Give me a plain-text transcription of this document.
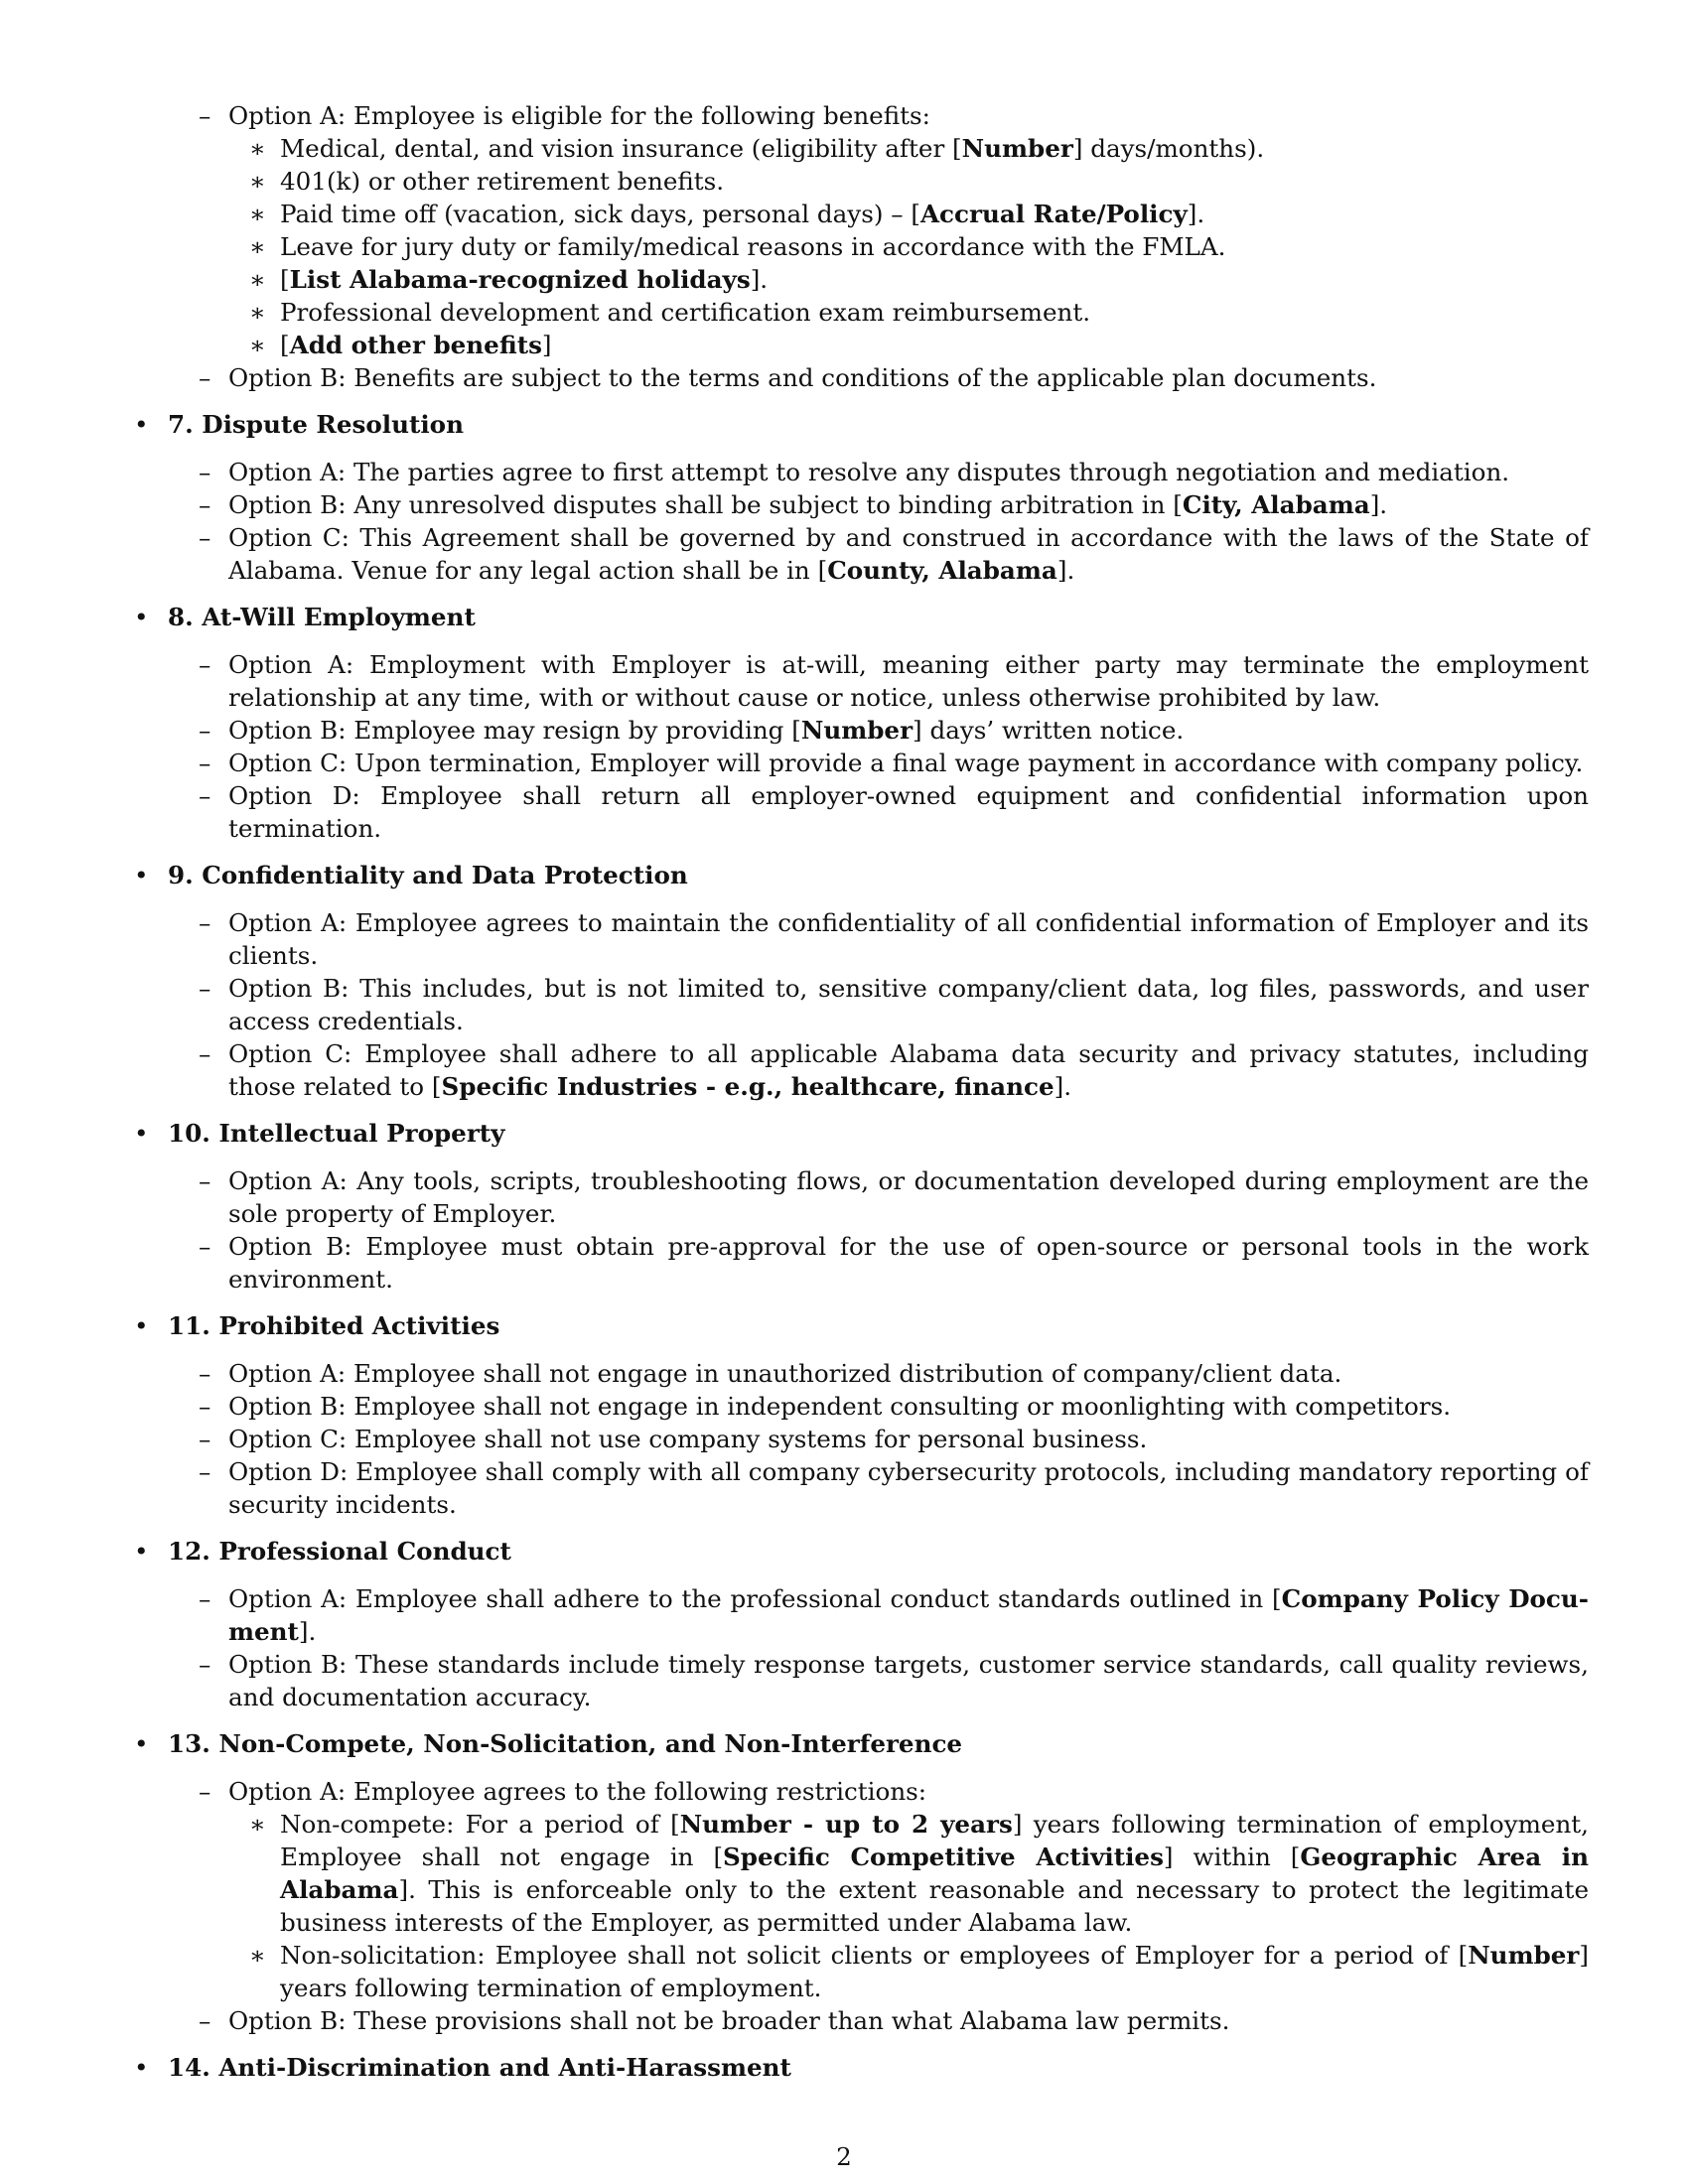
– Option A: Employee is eligible for the following benefits:
∗ Medical, dental, and vision insurance (eligibility after [ Number ] days/months).
∗ 401(k) or other retirement benefits.
∗ Paid time off (vacation, sick days, personal days) – [ Accrual Rate/Policy ] .
∗ Leave for jury duty or family/medical reasons in accordance with the FMLA.
∗ [ List Alabama-recognized holidays ] .
∗ Professional development and certification exam reimbursement.
∗ [ Add other benefits ]
– Option B: Benefits are subject to the terms and conditions of the applicable plan documents.
• 7. Dispute Resolution
– Option A: The parties agree to first attempt to resolve any disputes through negotiation and mediation.
– Option B: Any unresolved disputes shall be subject to binding arbitration in [ City, Alabama ] .
– Option C: This Agreement shall be governed by and construed in accordance with the laws of the State of Alabama. Venue for any legal action shall be in [ County, Alabama ] .
• 8. At-Will Employment
– Option A: Employment with Employer is at-will, meaning either party may terminate the employment relationship at any time, with or without cause or notice, unless otherwise prohibited by law.
– Option B: Employee may resign by providing [ Number ] days’ written notice.
– Option C: Upon termination, Employer will provide a final wage payment in accordance with company policy.
– Option D: Employee shall return all employer-owned equipment and confidential information upon termination.
• 9. Confidentiality and Data Protection
– Option A: Employee agrees to maintain the confidentiality of all confidential information of Employer and its clients.
– Option B: This includes, but is not limited to, sensitive company/client data, log files, passwords, and user access credentials.
– Option C: Employee shall adhere to all applicable Alabama data security and privacy statutes, including those related to [ Specific Industries - e.g., healthcare, finance ] .
• 10. Intellectual Property
– Option A: Any tools, scripts, troubleshooting flows, or documentation developed during employment are the sole property of Employer.
– Option B: Employee must obtain pre-approval for the use of open-source or personal tools in the work environment.
• 11. Prohibited Activities
– Option A: Employee shall not engage in unauthorized distribution of company/client data.
– Option B: Employee shall not engage in independent consulting or moonlighting with competitors.
– Option C: Employee shall not use company systems for personal business.
– Option D: Employee shall comply with all company cybersecurity protocols, including mandatory reporting of security incidents.
• 12. Professional Conduct
– Option A: Employee shall adhere to the professional conduct standards outlined in [ Company Policy Document ] .
– Option B: These standards include timely response targets, customer service standards, call quality reviews, and documentation accuracy.
• 13. Non-Compete, Non-Solicitation, and Non-Interference
– Option A: Employee agrees to the following restrictions:
∗ Non-compete: For a period of [ Number - up to 2 years ] years following termination of employment, Employee shall not engage in [ Specific Competitive Activities ] within [ Geographic Area in Alabama ] . This is enforceable only to the extent reasonable and necessary to protect the legitimate business interests of the Employer, as permitted under Alabama law.
∗ Non-solicitation: Employee shall not solicit clients or employees of Employer for a period of [ Number ] years following termination of employment.
– Option B: These provisions shall not be broader than what Alabama law permits.
• 14. Anti-Discrimination and Anti-Harassment
2
